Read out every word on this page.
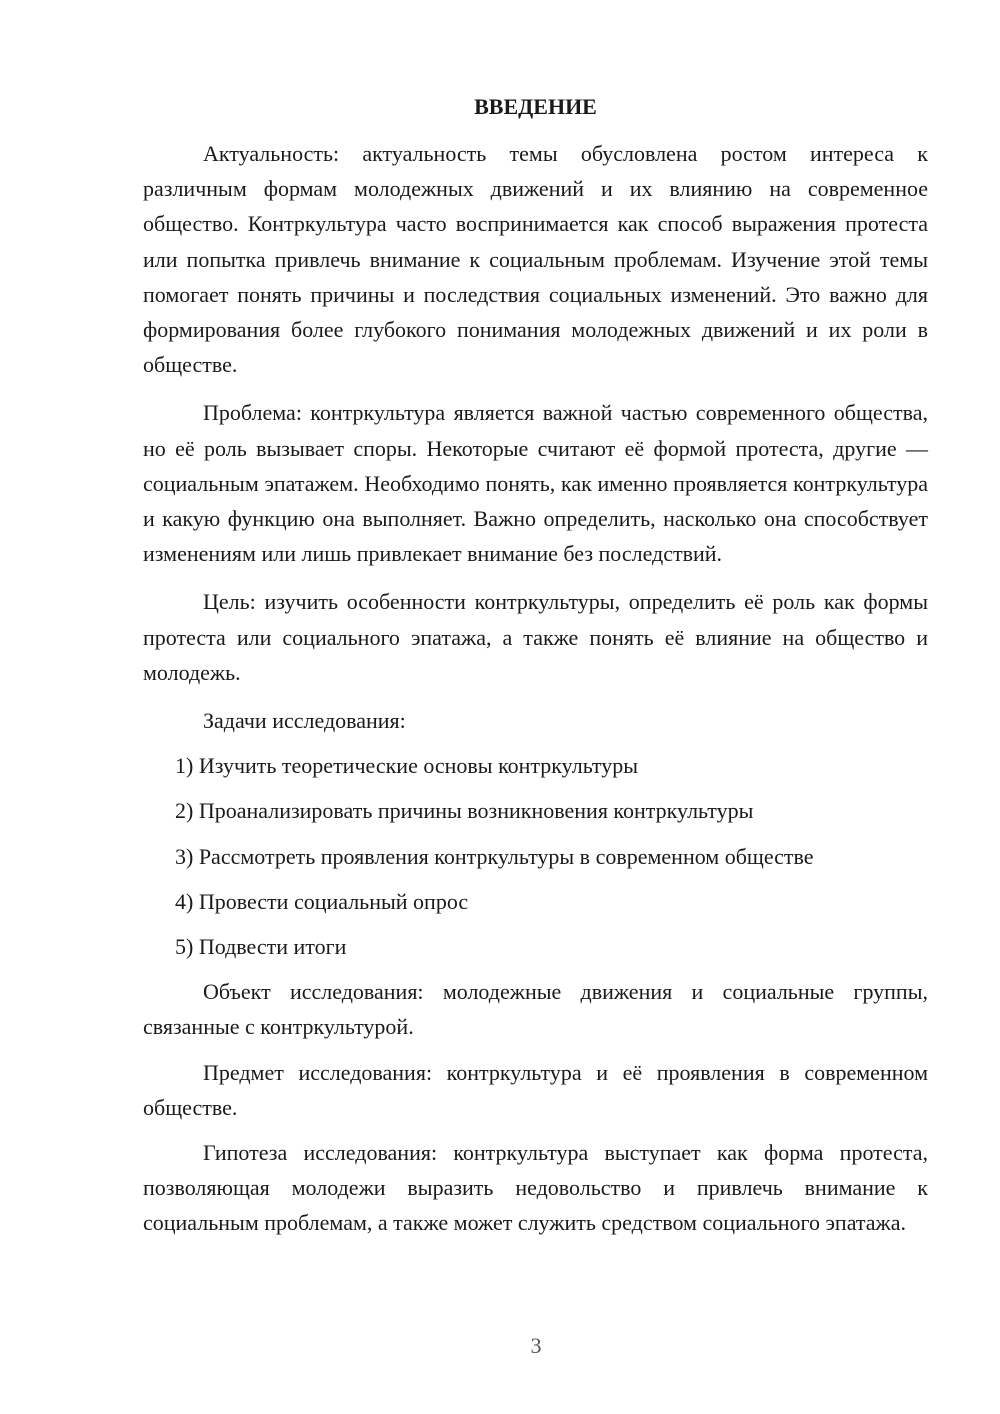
ВВЕДЕНИЕ

Актуальность: актуальность темы обусловлена ростом интереса к различным формам молодежных движений и их влиянию на современное общество. Контркультура часто воспринимается как способ выражения протеста или попытка привлечь внимание к социальным проблемам. Изучение этой темы помогает понять причины и последствия социальных изменений. Это важно для формирования более глубокого понимания молодежных движений и их роли в обществе.

Проблема: контркультура является важной частью современного общества, но её роль вызывает споры. Некоторые считают её формой протеста, другие — социальным эпатажем. Необходимо понять, как именно проявляется контркультура и какую функцию она выполняет. Важно определить, насколько она способствует изменениям или лишь привлекает внимание без последствий.

Цель: изучить особенности контркультуры, определить её роль как формы протеста или социального эпатажа, а также понять её влияние на общество и молодежь.

Задачи исследования:
1) Изучить теоретические основы контркультуры
2) Проанализировать причины возникновения контркультуры
3) Рассмотреть проявления контркультуры в современном обществе
4) Провести социальный опрос
5) Подвести итоги

Объект исследования: молодежные движения и социальные группы, связанные с контркультурой.

Предмет исследования: контркультура и её проявления в современном обществе.

Гипотеза исследования: контркультура выступает как форма протеста, позволяющая молодежи выразить недовольство и привлечь внимание к социальным проблемам, а также может служить средством социального эпатажа.

3
